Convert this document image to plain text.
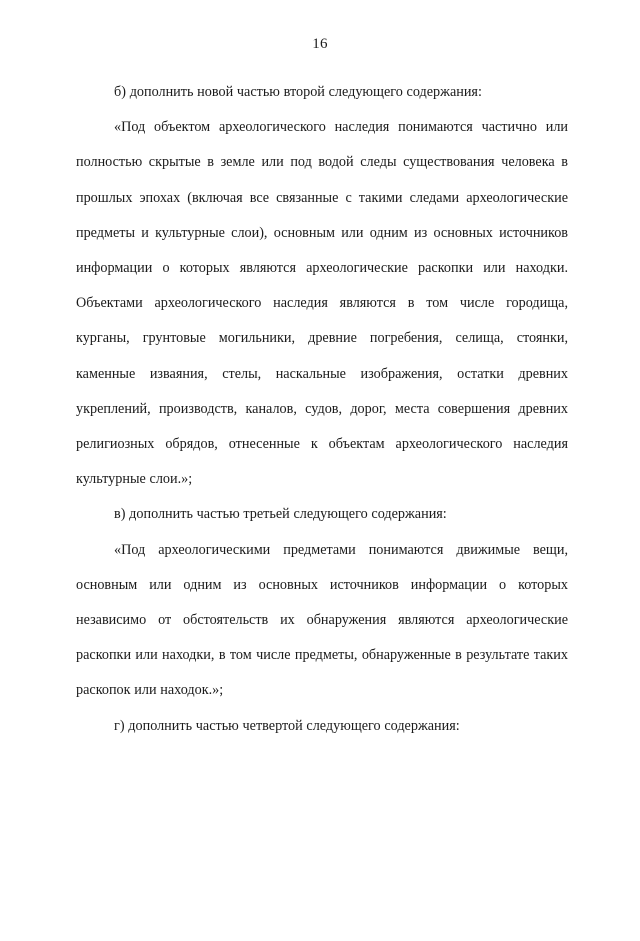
16

б) дополнить новой частью второй следующего содержания:

«Под объектом археологического наследия понимаются частично или полностью скрытые в земле или под водой следы существования человека в прошлых эпохах (включая все связанные с такими следами археологические предметы и культурные слои), основным или одним из основных источников информации о которых являются археологические раскопки или находки. Объектами археологического наследия являются в том числе городища, курганы, грунтовые могильники, древние погребения, селища, стоянки, каменные изваяния, стелы, наскальные изображения, остатки древних укреплений, производств, каналов, судов, дорог, места совершения древних религиозных обрядов, отнесенные к объектам археологического наследия культурные слои.»;

в) дополнить частью третьей следующего содержания:

«Под археологическими предметами понимаются движимые вещи, основным или одним из основных источников информации о которых независимо от обстоятельств их обнаружения являются археологические раскопки или находки, в том числе предметы, обнаруженные в результате таких раскопок или находок.»;

г) дополнить частью четвертой следующего содержания:
